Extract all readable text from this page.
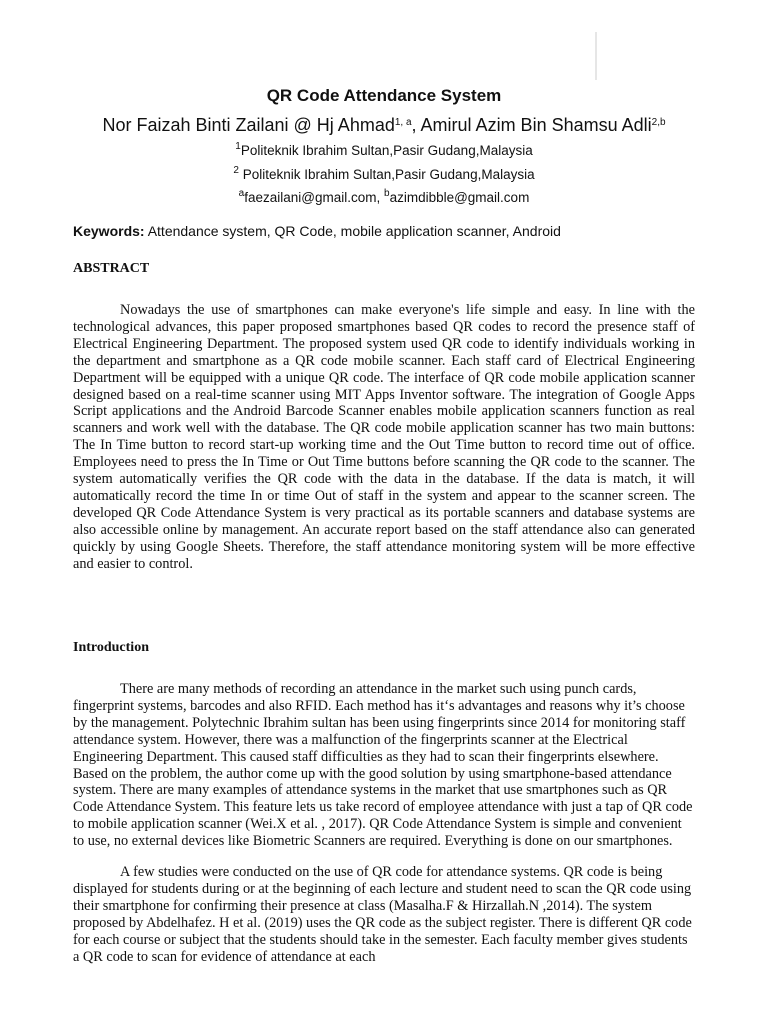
QR Code Attendance System
Nor Faizah Binti Zailani @ Hj Ahmad$^{1, a}$, Amirul Azim Bin Shamsu Adli$^{2,b}$
$^1$Politeknik Ibrahim Sultan,Pasir Gudang,Malaysia
$^2$ Politeknik Ibrahim Sultan,Pasir Gudang,Malaysia
$^a$faezailani@gmail.com, $^b$azimdibble@gmail.com
Keywords: Attendance system, QR Code, mobile application scanner, Android
ABSTRACT

Nowadays the use of smartphones can make everyone's life simple and easy. In line with the technological advances, this paper proposed smartphones based QR codes to record the presence staff of Electrical Engineering Department. The proposed system used QR code to identify individuals working in the department and smartphone as a QR code mobile scanner. Each staff card of Electrical Engineering Department will be equipped with a unique QR code. The interface of QR code mobile application scanner designed based on a real-time scanner using MIT Apps Inventor software. The integration of Google Apps Script applications and the Android Barcode Scanner enables mobile application scanners function as real scanners and work well with the database. The QR code mobile application scanner has two main buttons: The In Time button to record start-up working time and the Out Time button to record time out of office. Employees need to press the In Time or Out Time buttons before scanning the QR code to the scanner. The system automatically verifies the QR code with the data in the database. If the data is match, it will automatically record the time In or time Out of staff in the system and appear to the scanner screen. The developed QR Code Attendance System is very practical as its portable scanners and database systems are also accessible online by management. An accurate report based on the staff attendance also can generated quickly by using Google Sheets. Therefore, the staff attendance monitoring system will be more effective and easier to control.

Introduction

There are many methods of recording an attendance in the market such using punch cards, fingerprint systems, barcodes and also RFID. Each method has it‘s advantages and reasons why it’s choose by the management. Polytechnic Ibrahim sultan has been using fingerprints since 2014 for monitoring staff attendance system. However, there was a malfunction of the fingerprints scanner at the Electrical Engineering Department. This caused staff difficulties as they had to scan their fingerprints elsewhere. Based on the problem, the author come up with the good solution by using smartphone-based attendance system. There are many examples of attendance systems in the market that use smartphones such as QR Code Attendance System. This feature lets us take record of employee attendance with just a tap of QR code to mobile application scanner (Wei.X et al. , 2017). QR Code Attendance System is simple and convenient to use, no external devices like Biometric Scanners are required. Everything is done on our smartphones.

A few studies were conducted on the use of QR code for attendance systems. QR code is being displayed for students during or at the beginning of each lecture and student need to scan the QR code using their smartphone for confirming their presence at class (Masalha.F & Hirzallah.N ,2014). The system proposed by Abdelhafez. H et al. (2019) uses the QR code as the subject register. There is different QR code for each course or subject that the students should take in the semester. Each faculty member gives students a QR code to scan for evidence of attendance at each
